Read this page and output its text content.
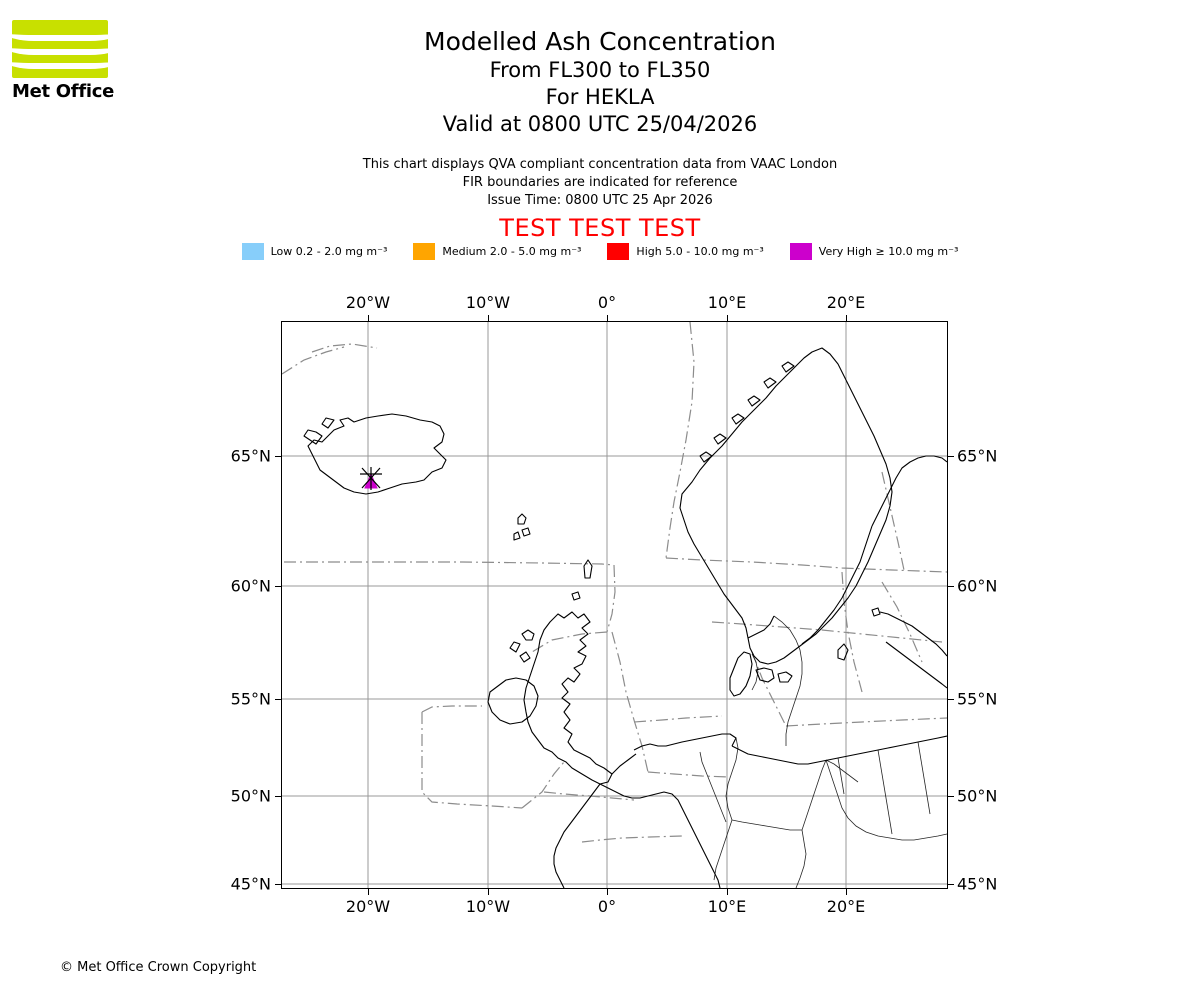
Met Office
Modelled Ash Concentration
From FL300 to FL350
For HEKLA
Valid at 0800 UTC 25/04/2026
This chart displays QVA compliant concentration data from VAAC London
FIR boundaries are indicated for reference
Issue Time: 0800 UTC 25 Apr 2026
TEST TEST TEST
Low 0.2 - 2.0 mg m⁻³	Medium 2.0 - 5.0 mg m⁻³	High 5.0 - 10.0 mg m⁻³	Very High ≥ 10.0 mg m⁻³
20°W	10°W	0°	10°E	20°E
20°W	10°W	0°	10°E	20°E
65°N
60°N
55°N
50°N
45°N
65°N
60°N
55°N
50°N
45°N
© Met Office Crown Copyright
